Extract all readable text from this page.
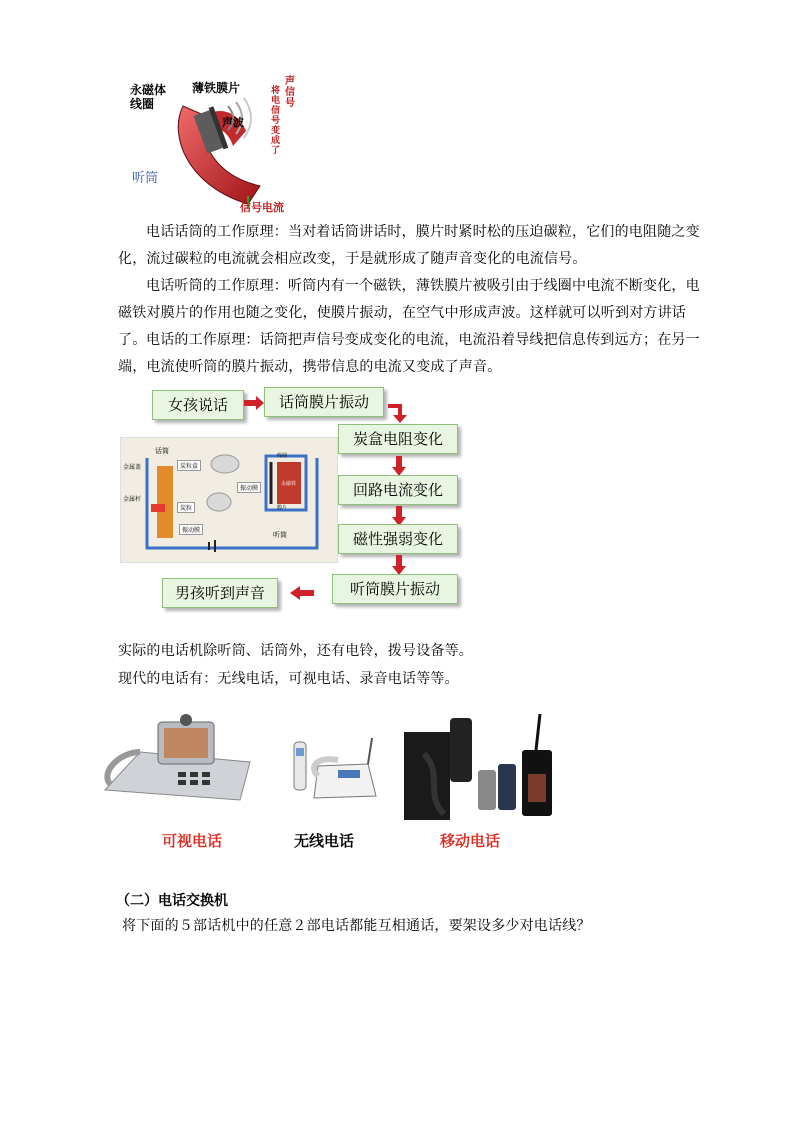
永磁体
线圈
薄铁膜片
声波
听筒
信号电流
声信号
将电信号变成了
电话话筒的工作原理：当对着话筒讲话时，膜片时紧时松的压迫碳粒，它们的电阻随之变化，流过碳粒的电流就会相应改变，于是就形成了随声音变化的电流信号。
电话听筒的工作原理：听筒内有一个磁铁，薄铁膜片被吸引由于线圈中电流不断变化，电磁铁对膜片的作用也随之变化，使膜片振动，在空气中形成声波。这样就可以听到对方讲话了。 电话的工作原理：话筒把声信号变成变化的电流，电流沿着导线把信息传到远方；在另一端，电流使听筒的膜片振动，携带信息的电流又变成了声音。
女孩说话	话筒膜片振动
话筒
金属盖	炭粒盒
金属杆
炭粒
振动膜
振动膜
听筒
线圈
永磁铁
膜片
炭盒电阻变化
回路电流变化
磁性强弱变化
听筒膜片振动
男孩听到声音
实际的电话机除听筒、话筒外，还有电铃，拨号设备等。
现代的电话有：无线电话，可视电话、录音电话等等。
可视电话	无线电话	移动电话
（二）电话交换机
将下面的５部话机中的任意２部电话都能互相通话，要架设多少对电话线？
